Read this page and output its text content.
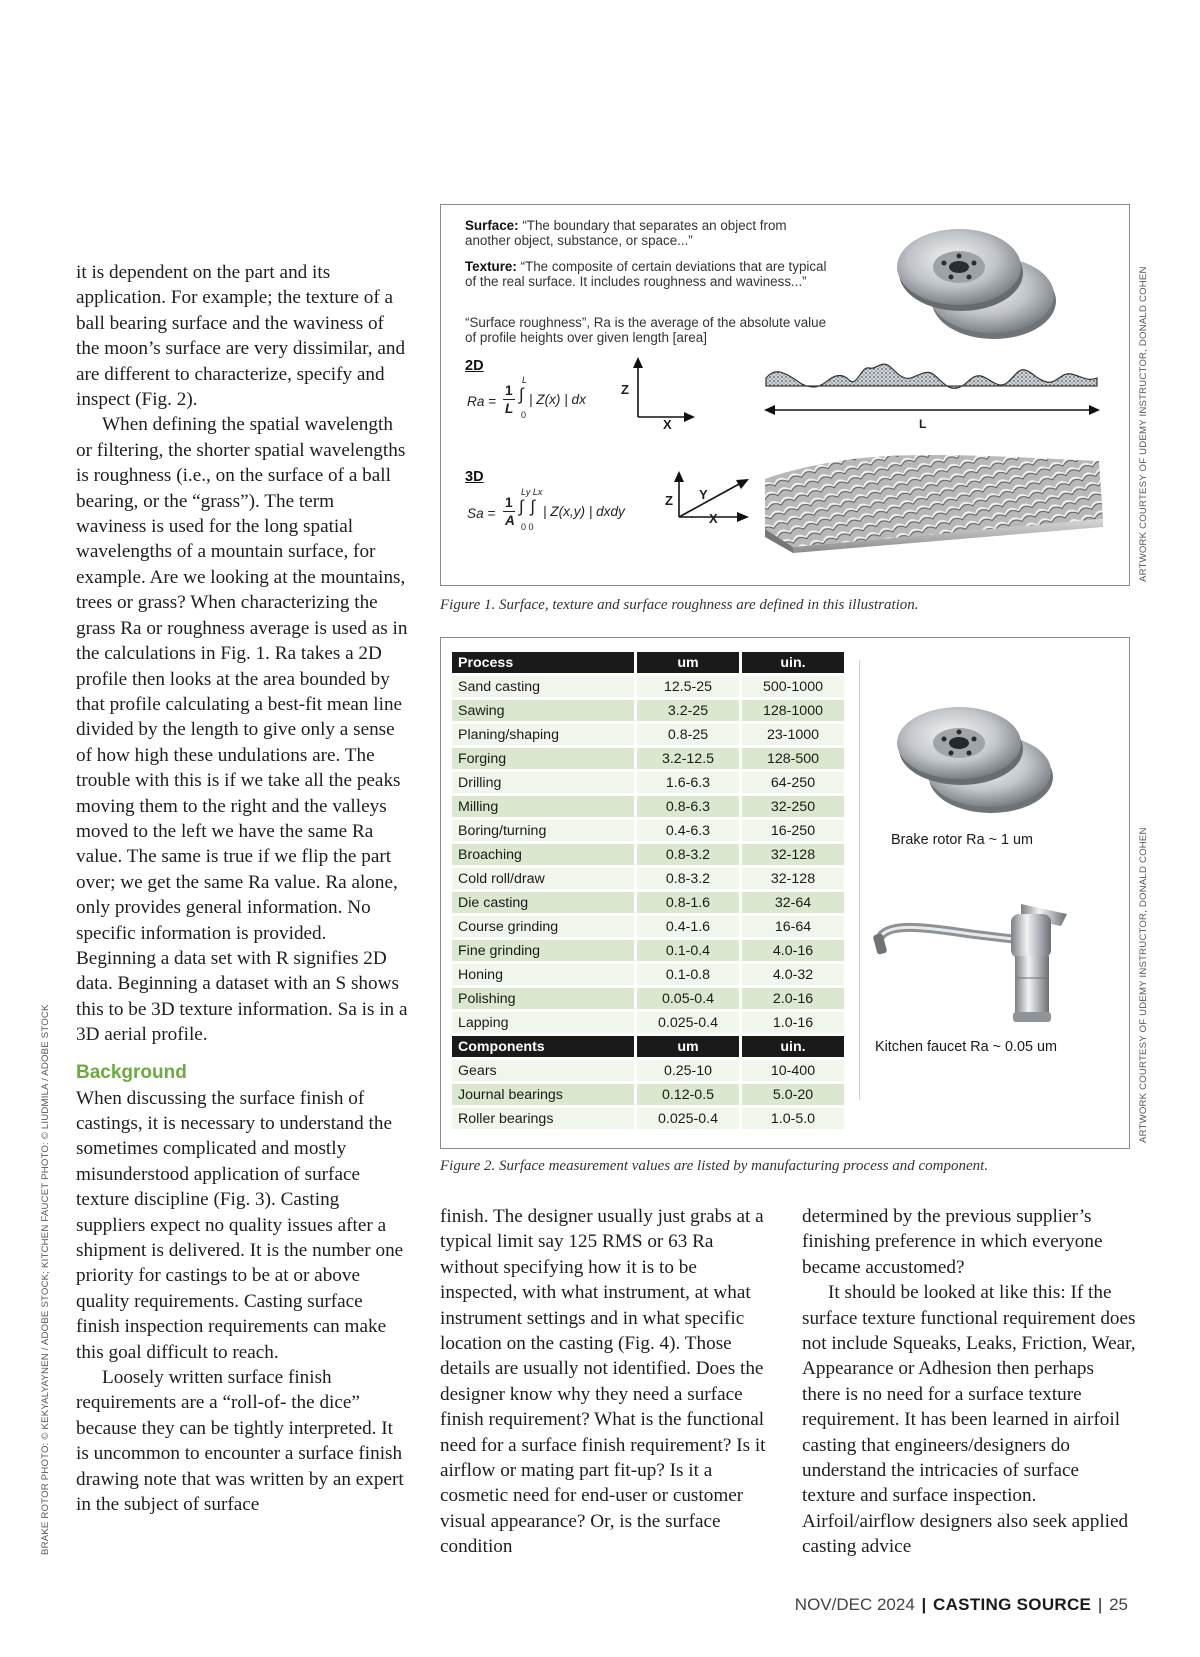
it is dependent on the part and its application. For example; the texture of a ball bearing surface and the waviness of the moon’s surface are very dissimilar, and are different to characterize, specify and inspect (Fig. 2).

When defining the spatial wavelength or filtering, the shorter spatial wavelengths is roughness (i.e., on the surface of a ball bearing, or the “grass”). The term waviness is used for the long spatial wavelengths of a mountain surface, for example. Are we looking at the mountains, trees or grass? When characterizing the grass Ra or roughness average is used as in the calculations in Fig. 1. Ra takes a 2D profile then looks at the area bounded by that profile calculating a best-fit mean line divided by the length to give only a sense of how high these undulations are. The trouble with this is if we take all the peaks moving them to the right and the valleys moved to the left we have the same Ra value. The same is true if we flip the part over; we get the same Ra value. Ra alone, only provides general information. No specific information is provided. Beginning a data set with R signifies 2D data. Beginning a dataset with an S shows this to be 3D texture information. Sa is in a 3D aerial profile.

Background

When discussing the surface finish of castings, it is necessary to understand the sometimes complicated and mostly misunderstood application of surface texture discipline (Fig. 3). Casting suppliers expect no quality issues after a shipment is delivered. It is the number one priority for castings to be at or above quality requirements. Casting surface finish inspection requirements can make this goal difficult to reach.

Loosely written surface finish requirements are a “roll-of- the dice” because they can be tightly interpreted. It is uncommon to encounter a surface finish drawing note that was written by an expert in the subject of surface

Surface: “The boundary that separates an object from another object, substance, or space...”
Texture: “The composite of certain deviations that are typical of the real surface. It includes roughness and waviness...”
“Surface roughness”, Ra is the average of the absolute value of profile heights over given length [area]
2D
Ra =
1
L
L
∫
0
| Z(x) | dx
Z
X	L
3D
Sa =
1
A
Ly Lx
∫ ∫
0 0
| Z(x,y) | dxdy
Z
X
Y
Figure 1. Surface, texture and surface roughness are defined in this illustration.
Process	um	uin.
Sand casting	12.5-25	500-1000
Sawing	3.2-25	128-1000
Planing/shaping	0.8-25	23-1000
Forging	3.2-12.5	128-500
Drilling	1.6-6.3	64-250
Milling	0.8-6.3	32-250
Boring/turning	0.4-6.3	16-250
Broaching	0.8-3.2	32-128
Cold roll/draw	0.8-3.2	32-128
Die casting	0.8-1.6	32-64
Course grinding	0.4-1.6	16-64
Fine grinding	0.1-0.4	4.0-16
Honing	0.1-0.8	4.0-32
Polishing	0.05-0.4	2.0-16
Lapping	0.025-0.4	1.0-16
Components	um	uin.
Gears	0.25-10	10-400
Journal bearings	0.12-0.5	5.0-20
Roller bearings	0.025-0.4	1.0-5.0
Brake rotor Ra ~ 1 um
Kitchen faucet Ra ~ 0.05 um
Figure 2. Surface measurement values are listed by manufacturing process and component.

finish. The designer usually just grabs at a typical limit say 125 RMS or 63 Ra without specifying how it is to be inspected, with what instrument, at what instrument settings and in what specific location on the casting (Fig. 4). Those details are usually not identified. Does the designer know why they need a surface finish requirement? What is the functional need for a surface finish requirement? Is it airflow or mating part fit-up? Is it a cosmetic need for end-user or customer visual appearance? Or, is the surface condition

determined by the previous supplier’s finishing preference in which everyone became accustomed?

It should be looked at like this: If the surface texture functional requirement does not include Squeaks, Leaks, Friction, Wear, Appearance or Adhesion then perhaps there is no need for a surface texture requirement. It has been learned in airfoil casting that engineers/designers do understand the intricacies of surface texture and surface inspection. Airfoil/airflow designers also seek applied casting advice

ARTWORK COURTESY OF UDEMY INSTRUCTOR, DONALD COHEN
ARTWORK COURTESY OF UDEMY INSTRUCTOR, DONALD COHEN
BRAKE ROTOR PHOTO: © KEKYALYAYNEN / ADOBE STOCK; KITCHEN FAUCET PHOTO: © LIUDMILA / ADOBE STOCK
NOV/DEC 2024 | CASTING SOURCE | 25
